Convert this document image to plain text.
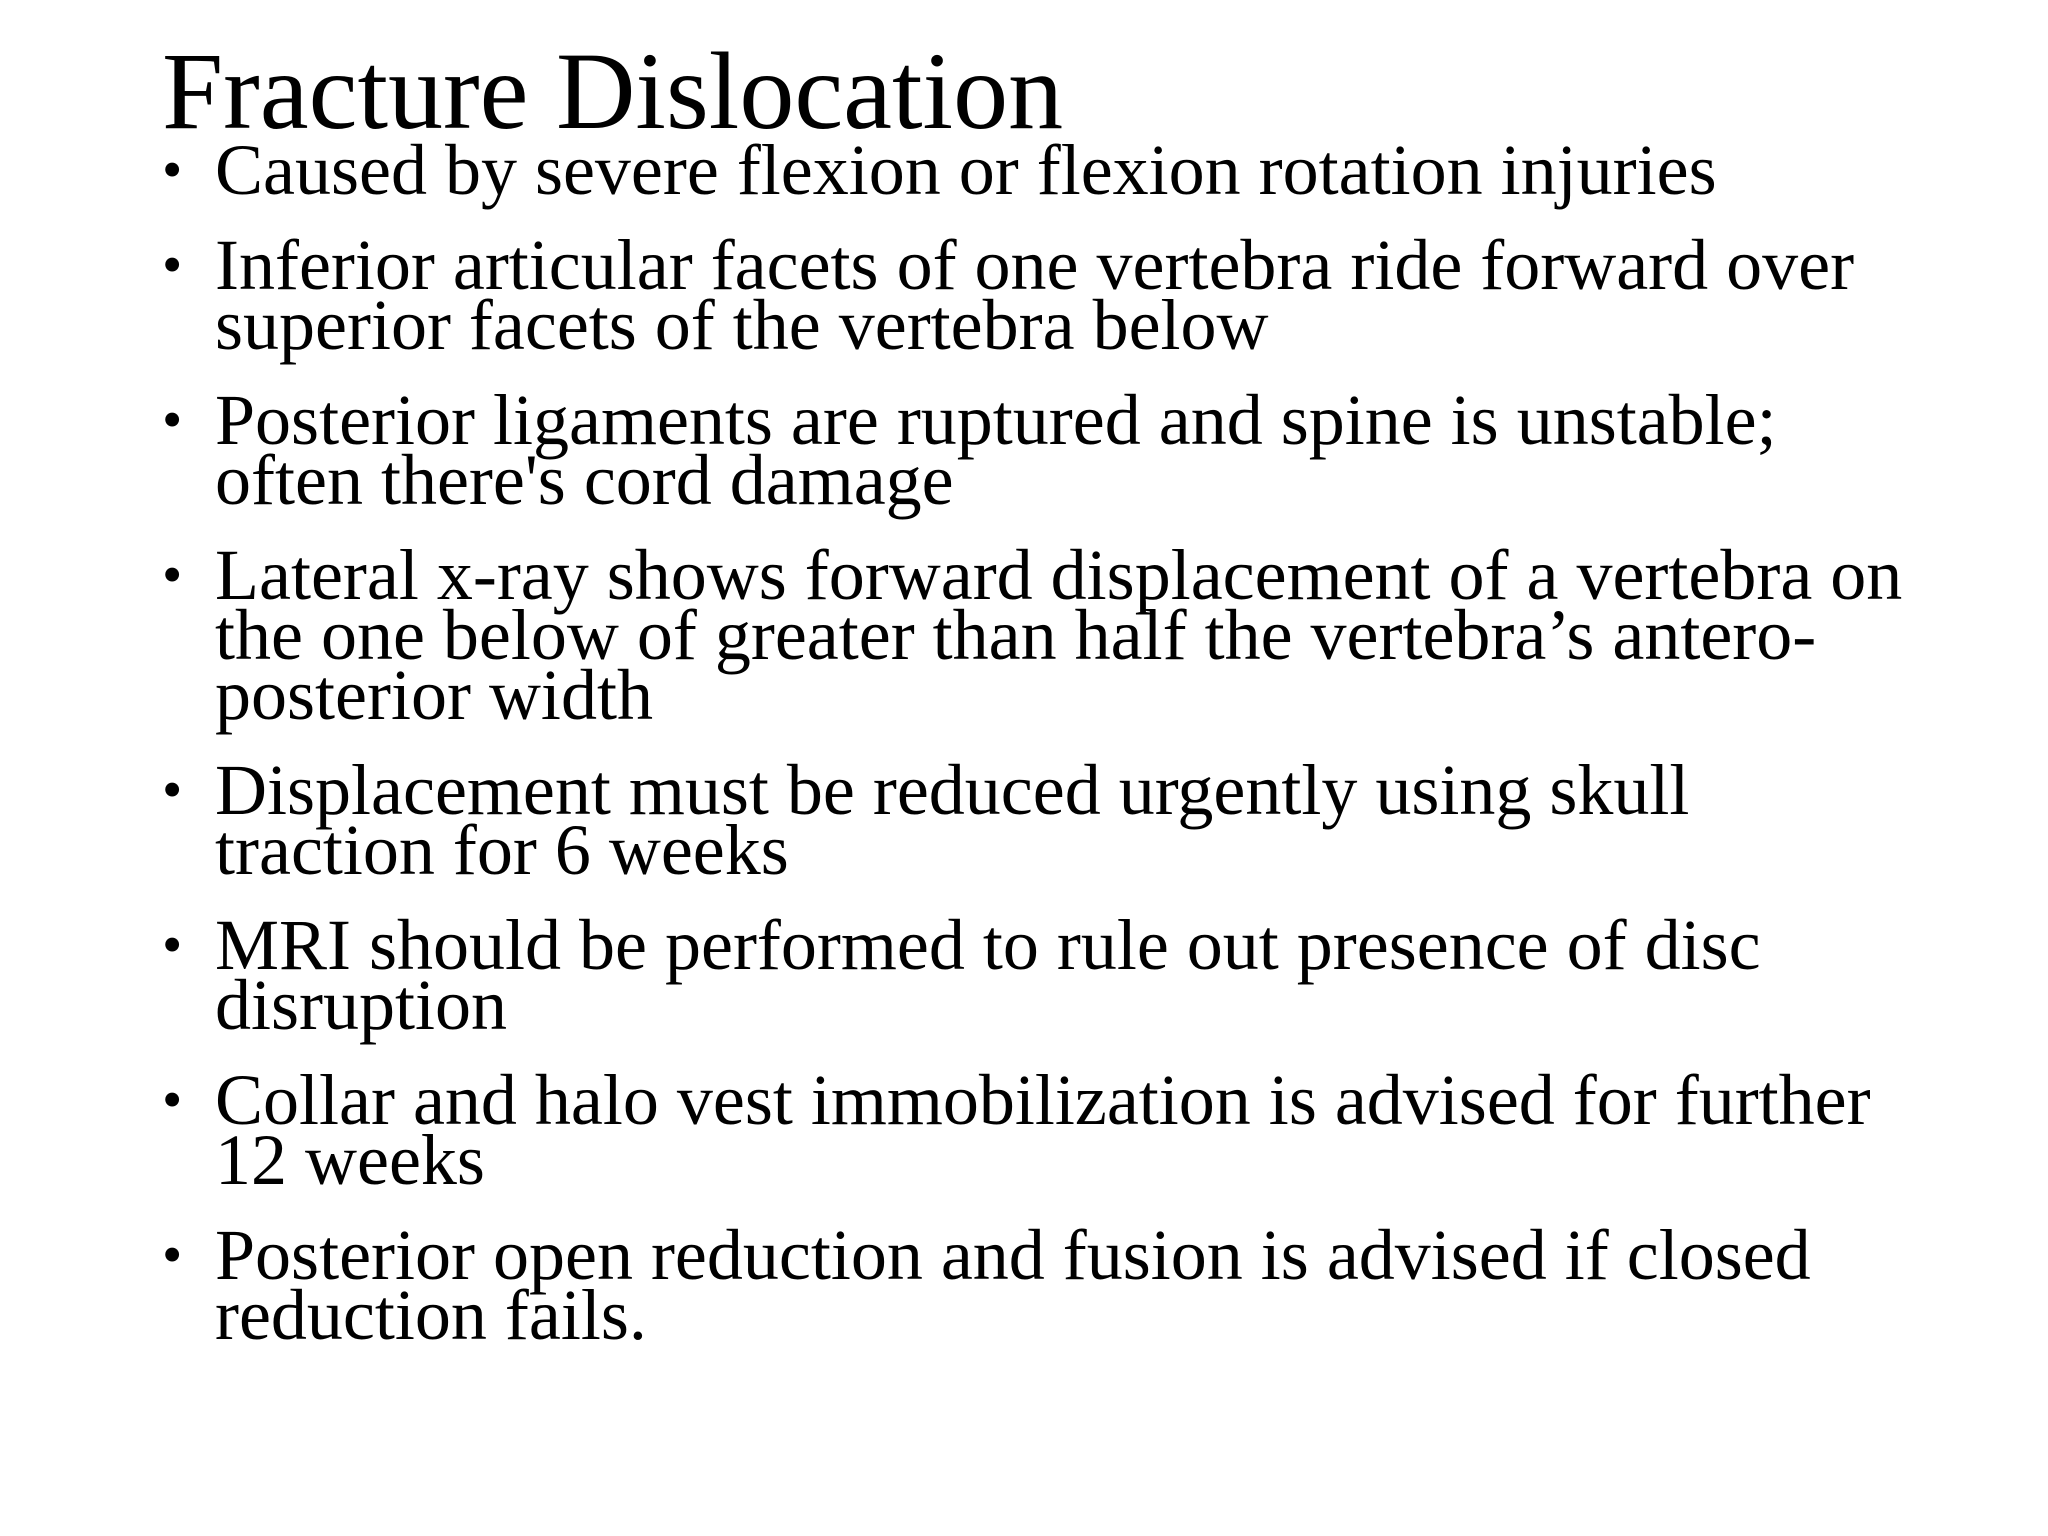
Fracture Dislocation
• Caused by severe flexion or flexion rotation injuries
• Inferior articular facets of one vertebra ride forward over superior facets of the vertebra below
• Posterior ligaments are ruptured and spine is unstable; often there's cord damage
• Lateral x-ray shows forward displacement of a vertebra on the one below of greater than half the vertebra’s antero-posterior width
• Displacement must be reduced urgently using skull traction for 6 weeks
• MRI should be performed to rule out presence of disc disruption
• Collar and halo vest immobilization is advised for further 12 weeks
• Posterior open reduction and fusion is advised if closed reduction fails.
